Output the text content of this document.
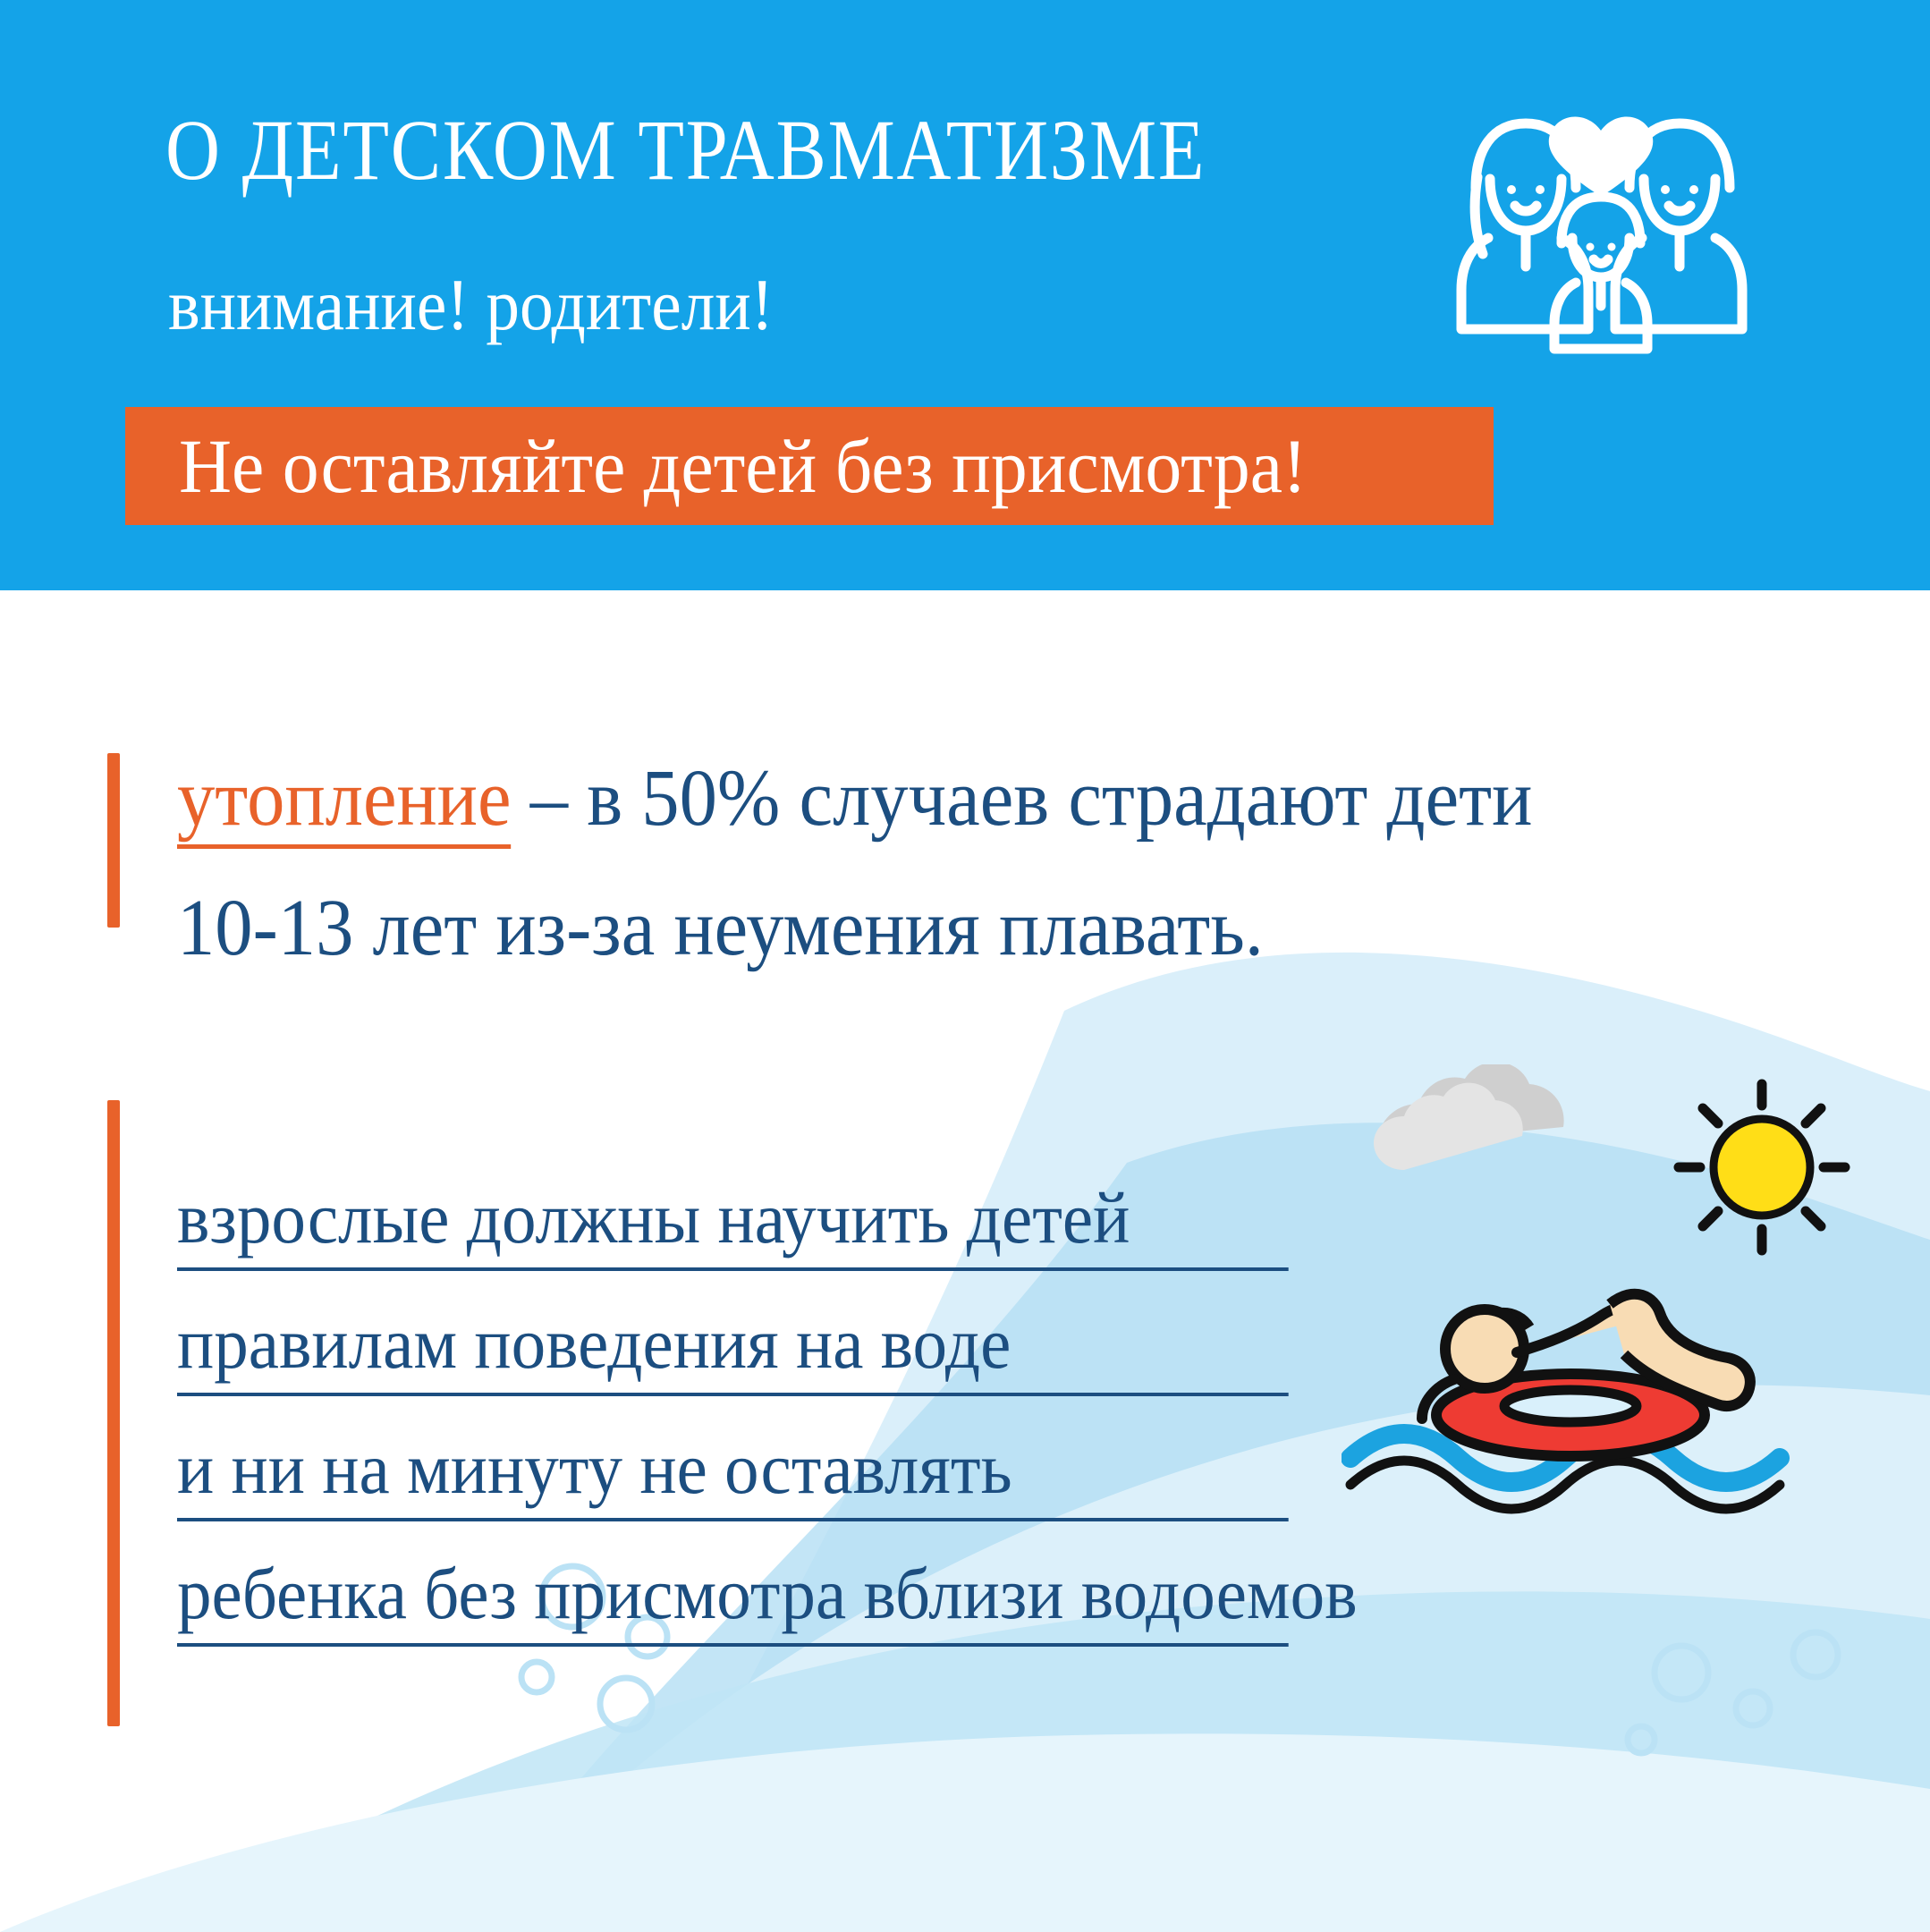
О ДЕТСКОМ ТРАВМАТИЗМЕ
внимание! родители!
Не оставляйте детей без присмотра!
утопление – в 50% случаев страдают дети 10-13 лет из-за неумения плавать.
взрослые должны научить детей
правилам поведения на воде
и ни на минуту не оставлять
ребенка без присмотра вблизи водоемов
